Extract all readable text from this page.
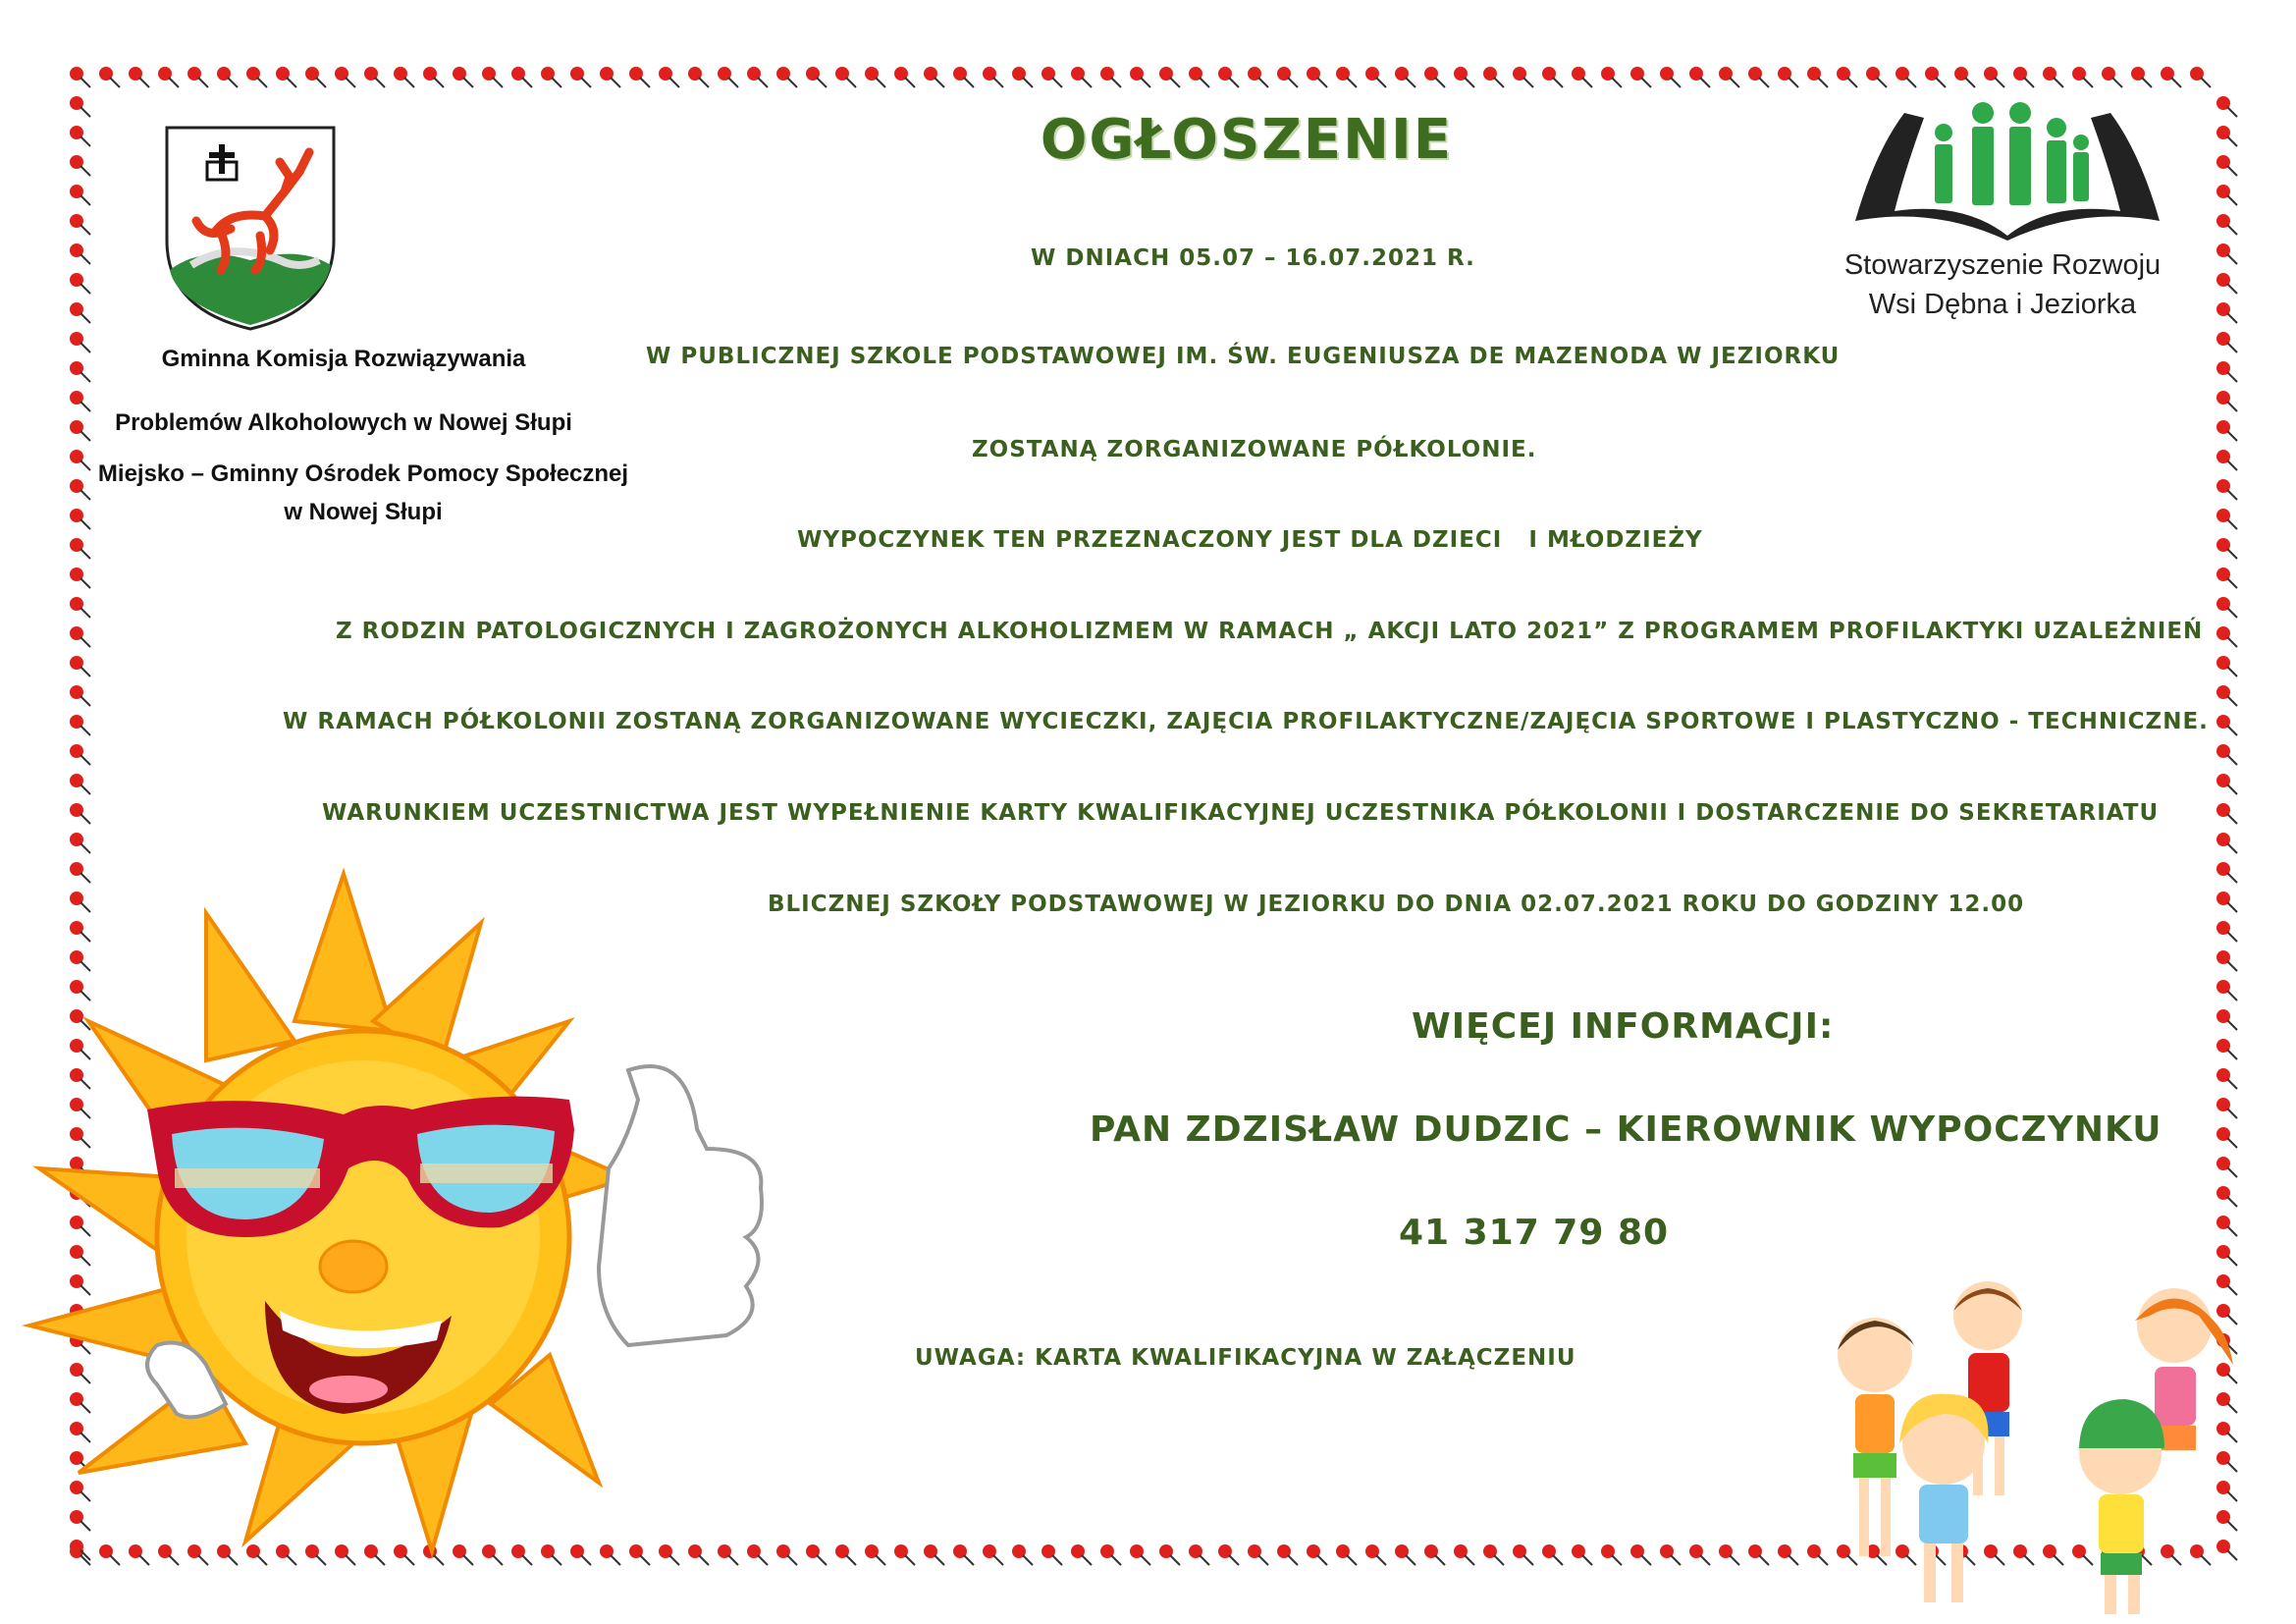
Gminna Komisja Rozwiązywania
Problemów Alkoholowych w Nowej Słupi
Miejsko – Gminny Ośrodek Pomocy Społecznej
w Nowej Słupi
OGŁOSZENIE
Stowarzyszenie Rozwoju
Wsi Dębna i Jeziorka
W DNIACH 05.07 – 16.07.2021 R.
W PUBLICZNEJ SZKOLE PODSTAWOWEJ IM. ŚW. EUGENIUSZA DE MAZENODA W JEZIORKU
ZOSTANĄ ZORGANIZOWANE PÓŁKOLONIE.
WYPOCZYNEK TEN PRZEZNACZONY JEST DLA DZIECI   I MŁODZIEŻY
Z RODZIN PATOLOGICZNYCH I ZAGROŻONYCH ALKOHOLIZMEM W RAMACH „ AKCJI LATO 2021” Z PROGRAMEM PROFILAKTYKI UZALEŻNIEŃ
W RAMACH PÓŁKOLONII ZOSTANĄ ZORGANIZOWANE WYCIECZKI, ZAJĘCIA PROFILAKTYCZNE/ZAJĘCIA SPORTOWE I PLASTYCZNO - TECHNICZNE.
WARUNKIEM UCZESTNICTWA JEST WYPEŁNIENIE KARTY KWALIFIKACYJNEJ UCZESTNIKA PÓŁKOLONII I DOSTARCZENIE DO SEKRETARIATU
BLICZNEJ SZKOŁY PODSTAWOWEJ W JEZIORKU DO DNIA 02.07.2021 ROKU DO GODZINY 12.00
WIĘCEJ INFORMACJI:
PAN ZDZISŁAW DUDZIC – KIEROWNIK WYPOCZYNKU
41 317 79 80
UWAGA: KARTA KWALIFIKACYJNA W ZAŁĄCZENIU
